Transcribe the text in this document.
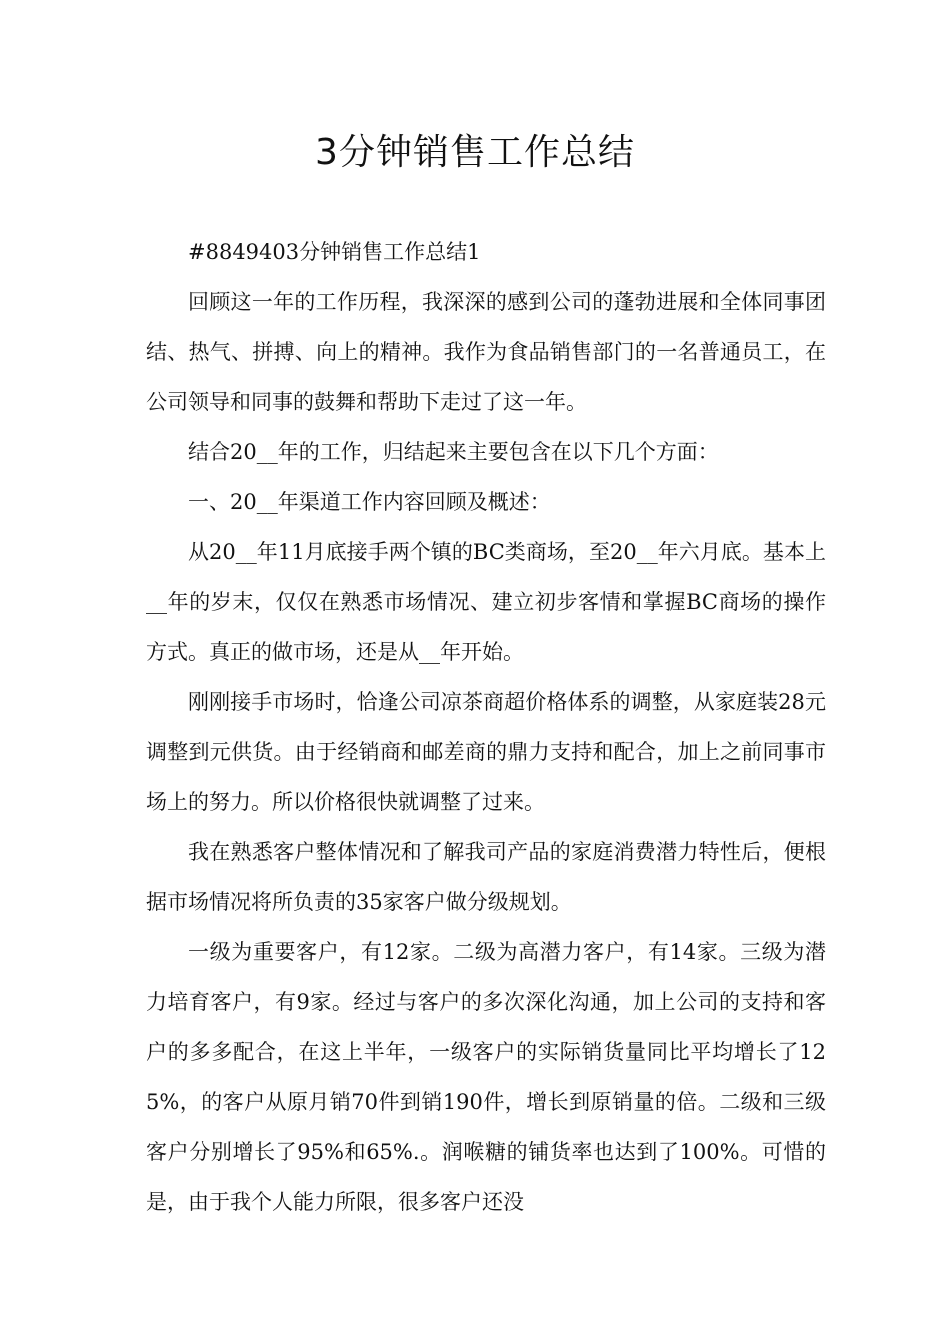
3分钟销售工作总结

#8849403分钟销售工作总结1

回顾这一年的工作历程，我深深的感到公司的蓬勃进展和全体同事团结、热气、拼搏、向上的精神。我作为食品销售部门的一名普通员工，在公司领导和同事的鼓舞和帮助下走过了这一年。

结合20__年的工作，归结起来主要包含在以下几个方面：

一、20__年渠道工作内容回顾及概述：

从20__年11月底接手两个镇的BC类商场，至20__年六月底。基本上__年的岁末，仅仅在熟悉市场情况、建立初步客情和掌握BC商场的操作方式。真正的做市场，还是从__年开始。

刚刚接手市场时，恰逢公司凉茶商超价格体系的调整，从家庭装28元调整到元供货。由于经销商和邮差商的鼎力支持和配合，加上之前同事市场上的努力。所以价格很快就调整了过来。

我在熟悉客户整体情况和了解我司产品的家庭消费潜力特性后，便根据市场情况将所负责的35家客户做分级规划。

一级为重要客户，有12家。二级为高潜力客户，有14家。三级为潜力培育客户，有9家。经过与客户的多次深化沟通，加上公司的支持和客户的多多配合，在这上半年，一级客户的实际销货量同比平均增长了125%，的客户从原月销70件到销190件，增长到原销量的倍。二级和三级客户分别增长了95%和65%.。润喉糖的铺货率也达到了100%。可惜的是，由于我个人能力所限，很多客户还没
